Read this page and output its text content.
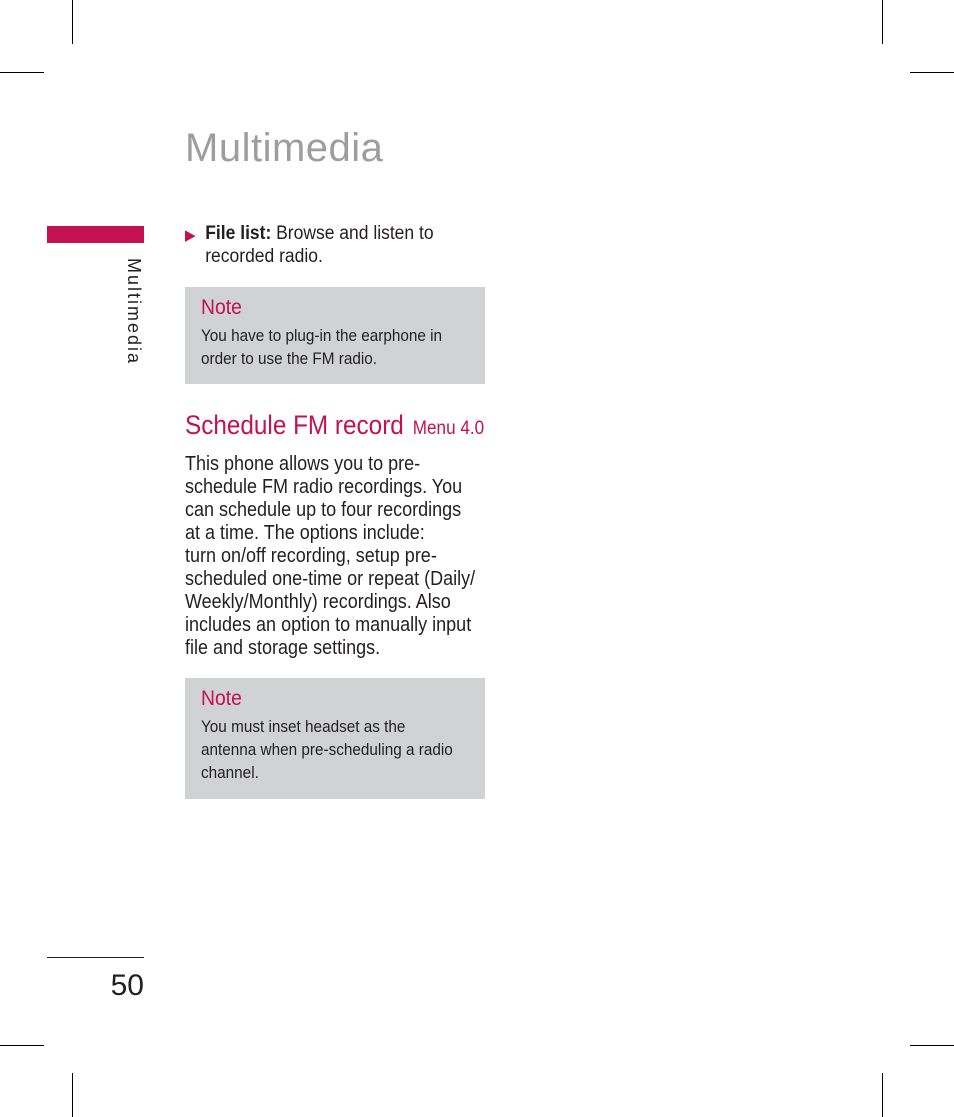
Multimedia
Multimedia
▶ File list: Browse and listen to recorded radio.
Note
You have to plug-in the earphone in order to use the FM radio.
Schedule FM record Menu 4.0
This phone allows you to pre-
schedule FM radio recordings. You
can schedule up to four recordings
at a time. The options include:
turn on/off recording, setup pre-
scheduled one-time or repeat (Daily/
Weekly/Monthly) recordings. Also
includes an option to manually input
file and storage settings.
Note
You must inset headset as the antenna when pre-scheduling a radio channel.
50
